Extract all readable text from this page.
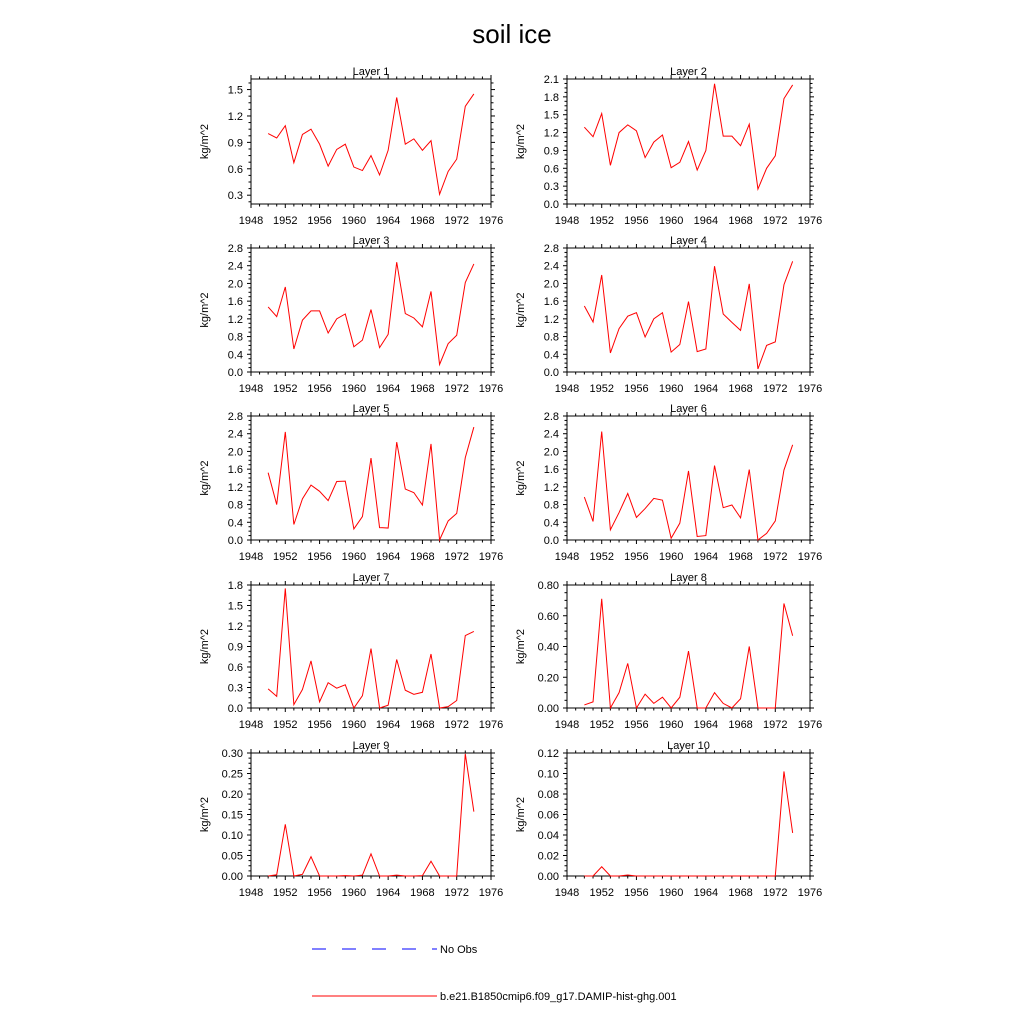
soil ice
Layer 1
kg/m^2
1948 1952 1956 1960 1964 1968 1972 1976
0.3
0.6
0.9
1.2
1.5
Layer 2
kg/m^2
1948 1952 1956 1960 1964 1968 1972 1976
0.0
0.3
0.6
0.9
1.2
1.5
1.8
2.1
Layer 3
kg/m^2
1948 1952 1956 1960 1964 1968 1972 1976
0.0
0.4
0.8
1.2
1.6
2.0
2.4
2.8
Layer 4
kg/m^2
1948 1952 1956 1960 1964 1968 1972 1976
0.0
0.4
0.8
1.2
1.6
2.0
2.4
2.8
Layer 5
kg/m^2
1948 1952 1956 1960 1964 1968 1972 1976
0.0
0.4
0.8
1.2
1.6
2.0
2.4
2.8
Layer 6
kg/m^2
1948 1952 1956 1960 1964 1968 1972 1976
0.0
0.4
0.8
1.2
1.6
2.0
2.4
2.8
Layer 7
kg/m^2
1948 1952 1956 1960 1964 1968 1972 1976
0.0
0.3
0.6
0.9
1.2
1.5
1.8
Layer 8
kg/m^2
1948 1952 1956 1960 1964 1968 1972 1976
0.00
0.20
0.40
0.60
0.80
Layer 9
kg/m^2
1948 1952 1956 1960 1964 1968 1972 1976
0.00
0.05
0.10
0.15
0.20
0.25
0.30
Layer 10
kg/m^2
1948 1952 1956 1960 1964 1968 1972 1976
0.00
0.02
0.04
0.06
0.08
0.10
0.12
No Obs
b.e21.B1850cmip6.f09_g17.DAMIP-hist-ghg.001
